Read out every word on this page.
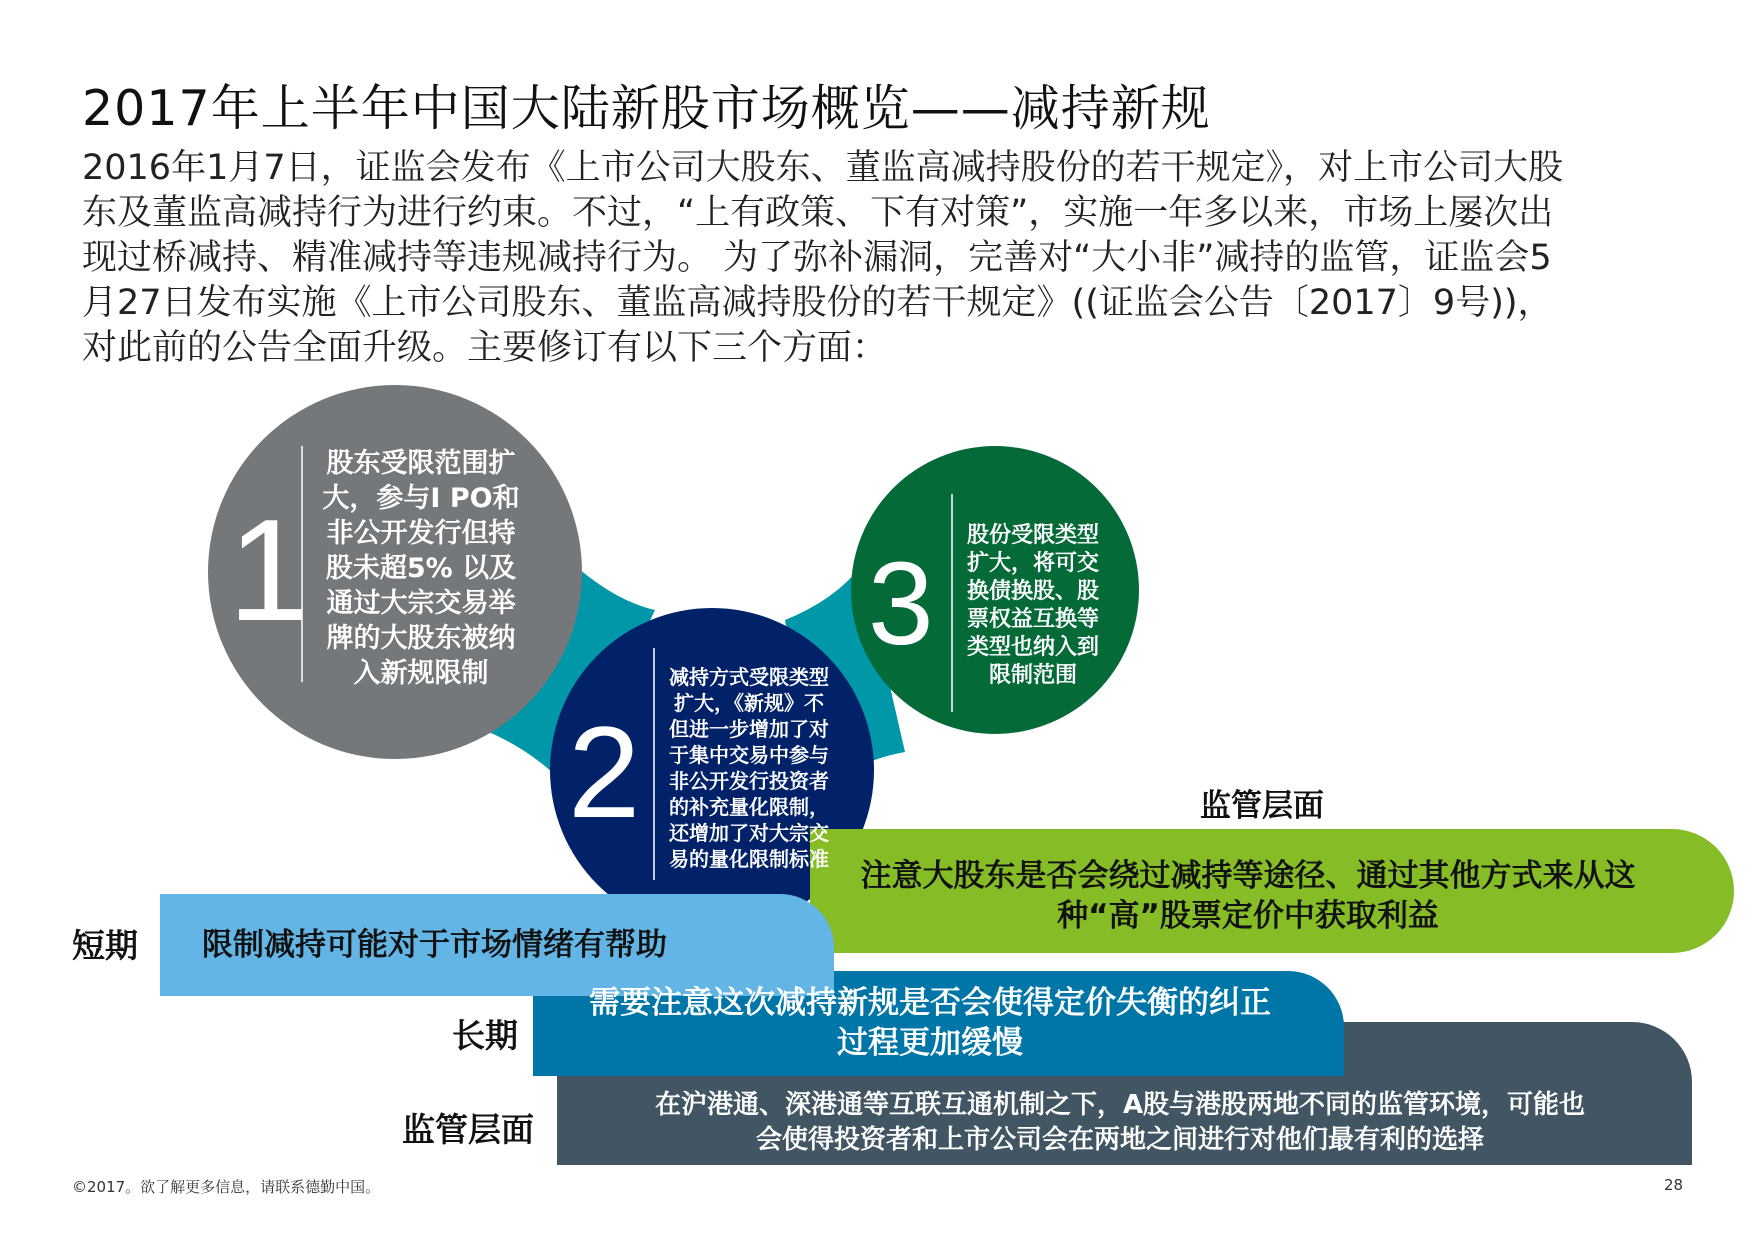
2017年上半年中国大陆新股市场概览——减持新规
2016年1月7日，证监会发布《上市公司大股东、董监高减持股份的若干规定》，对上市公司大股
东及董监高减持行为进行约束。不过，“上有政策、下有对策”，实施一年多以来，市场上屡次出
现过桥减持、精准减持等违规减持行为。 为了弥补漏洞，完善对“大小非”减持的监管，证监会5
月27日发布实施《上市公司股东、董监高减持股份的若干规定》((证监会公告〔2017〕9号))，
对此前的公告全面升级。主要修订有以下三个方面：
1
2
3
股东受限范围扩
大，参与I PO和
非公开发行但持
股未超5% 以及
通过大宗交易举
牌的大股东被纳
入新规限制	减持方式受限类型
扩大，《新规》不
但进一步增加了对
于集中交易中参与
非公开发行投资者
的补充量化限制，
还增加了对大宗交
易的量化限制标准
股份受限类型
扩大，将可交
换债换股、股
票权益互换等
类型也纳入到
限制范围
监管层面
注意大股东是否会绕过减持等途径、通过其他方式来从这
种“高”股票定价中获取利益
短期 限制减持可能对于市场情绪有帮助
长期
需要注意这次减持新规是否会使得定价失衡的纠正
过程更加缓慢
监管层面
在沪港通、深港通等互联互通机制之下，A股与港股两地不同的监管环境，可能也
会使得投资者和上市公司会在两地之间进行对他们最有利的选择
©2017。欲了解更多信息，请联系德勤中国。	28
